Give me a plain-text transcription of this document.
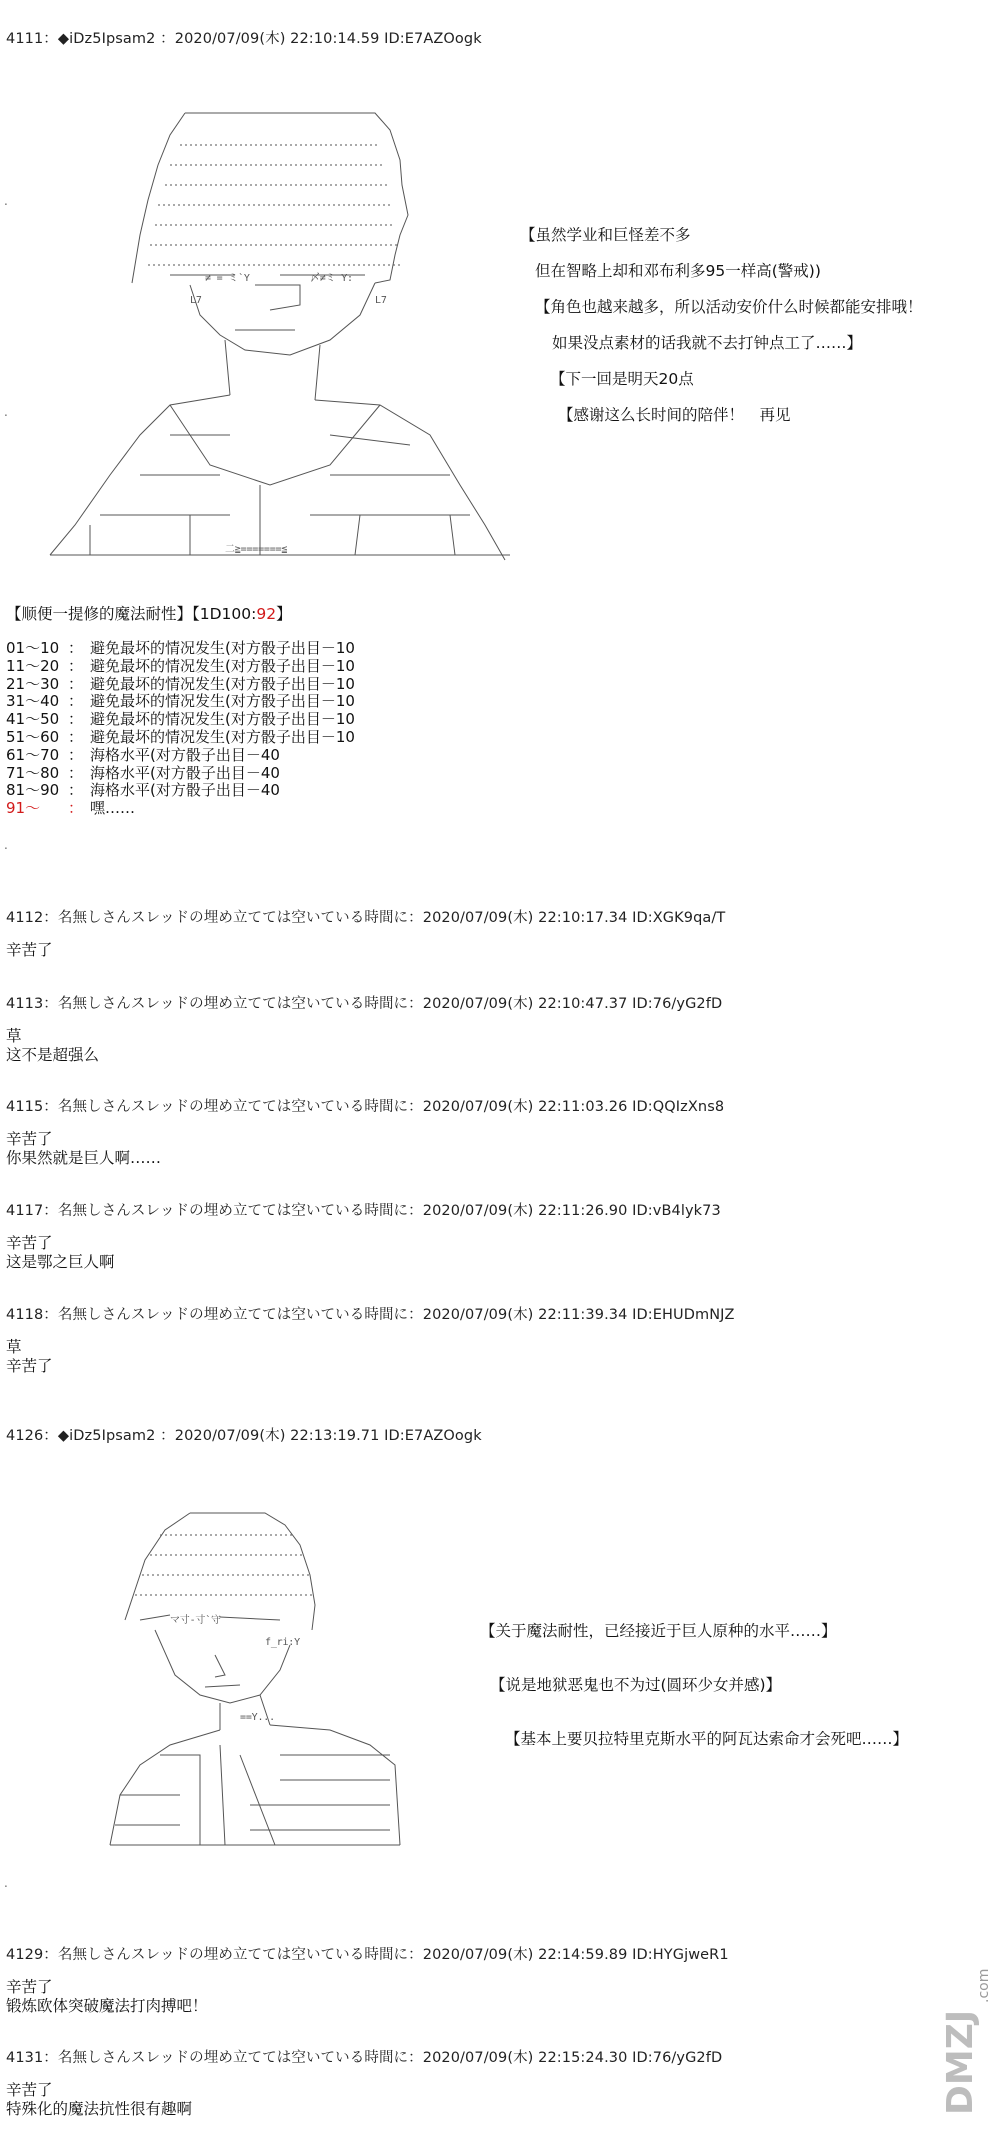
4111：◆iDz5Ipsam2 ：2020/07/09(木) 22:10:14.59 ID:E7AZOogk
.
.
≠ = ミ`Y	〆≠ミ Y:
L7	L7
二≧=======≦
【虽然学业和巨怪差不多
但在智略上却和邓布利多95一样高(警戒))
【角色也越来越多，所以活动安价什么时候都能安排哦！
如果没点素材的话我就不去打钟点工了……】
【下一回是明天20点
【感谢这么长时间的陪伴！　再见
【顺便一提修的魔法耐性】【1D100:92】
01～10 ： 避免最坏的情况发生(对方骰子出目－10
11～20 ： 避免最坏的情况发生(对方骰子出目－10
21～30 ： 避免最坏的情况发生(对方骰子出目－10
31～40 ： 避免最坏的情况发生(对方骰子出目－10
41～50 ： 避免最坏的情况发生(对方骰子出目－10
51～60 ： 避免最坏的情况发生(对方骰子出目－10
61～70 ： 海格水平(对方骰子出目－40
71～80 ： 海格水平(对方骰子出目－40
81～90 ： 海格水平(对方骰子出目－40
91～ ： 嘿……
.
4112：名無しさんスレッドの埋め立てては空いている時間に：2020/07/09(木) 22:10:17.34 ID:XGK9qa/T
辛苦了
4113：名無しさんスレッドの埋め立てては空いている時間に：2020/07/09(木) 22:10:47.37 ID:76/yG2fD
草
这不是超强么
4115：名無しさんスレッドの埋め立てては空いている時間に：2020/07/09(木) 22:11:03.26 ID:QQIzXns8
辛苦了
你果然就是巨人啊……
4117：名無しさんスレッドの埋め立てては空いている時間に：2020/07/09(木) 22:11:26.90 ID:vB4lyk73
辛苦了
这是鄂之巨人啊
4118：名無しさんスレッドの埋め立てては空いている時間に：2020/07/09(木) 22:11:39.34 ID:EHUDmNJZ
草
辛苦了
4126：◆iDz5Ipsam2 ：2020/07/09(木) 22:13:19.71 ID:E7AZOogk
マ寸-寸`守
f_ri:Y
==Y...
【关于魔法耐性，已经接近于巨人原种的水平……】
【说是地狱恶鬼也不为过(圆环少女并感)】
【基本上要贝拉特里克斯水平的阿瓦达索命才会死吧……】
.
4129：名無しさんスレッドの埋め立てては空いている時間に：2020/07/09(木) 22:14:59.89 ID:HYGjweR1
辛苦了
锻炼欧体突破魔法打肉搏吧！
4131：名無しさんスレッドの埋め立てては空いている時間に：2020/07/09(木) 22:15:24.30 ID:76/yG2fD
辛苦了
特殊化的魔法抗性很有趣啊	DMZJ
.com
